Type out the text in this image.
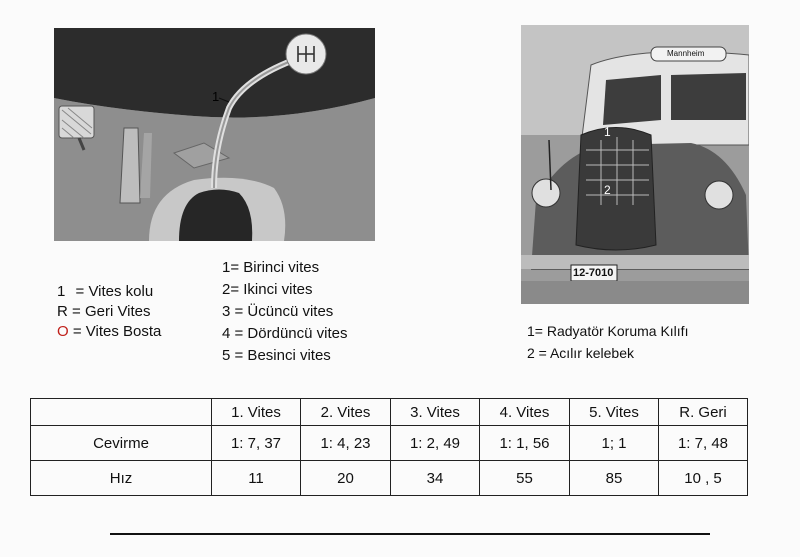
1
Mannheim
12-7010
1
2
1 = Vites kolu
R = Geri Vites
O = Vites Bosta
1= Birinci vites
2= Ikinci vites
3 = Ücüncü vites
4 = Dördüncü vites
5 = Besinci vites
1= Radyatör Koruma Kılıfı
2 = Acılır kelebek
	1. Vites	2. Vites	3. Vites	4. Vites	5. Vites	R. Geri
Cevirme	1: 7, 37	1: 4, 23	1: 2, 49	1: 1, 56	1; 1	1: 7, 48
Hız	11	20	34	55	85	10 , 5
